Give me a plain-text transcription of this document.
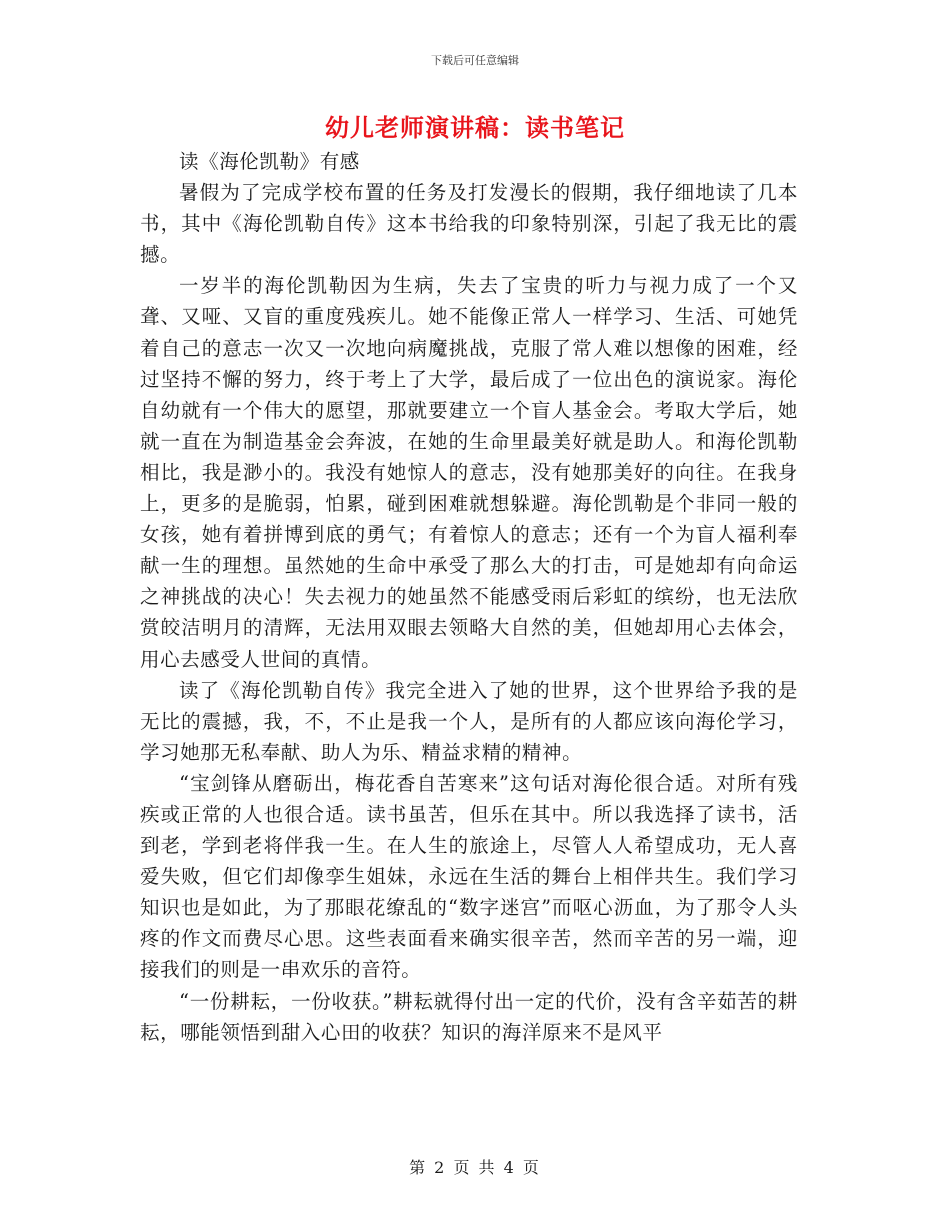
下载后可任意编辑
幼儿老师演讲稿：读书笔记

读《海伦凯勒》有感

暑假为了完成学校布置的任务及打发漫长的假期，我仔细地读了几本书，其中《海伦凯勒自传》这本书给我的印象特别深，引起了我无比的震撼。

一岁半的海伦凯勒因为生病，失去了宝贵的听力与视力成了一个又聋、又哑、又盲的重度残疾儿。她不能像正常人一样学习、生活、可她凭着自己的意志一次又一次地向病魔挑战，克服了常人难以想像的困难，经过坚持不懈的努力，终于考上了大学，最后成了一位出色的演说家。海伦自幼就有一个伟大的愿望，那就要建立一个盲人基金会。考取大学后，她就一直在为制造基金会奔波，在她的生命里最美好就是助人。和海伦凯勒相比，我是渺小的。我没有她惊人的意志，没有她那美好的向往。在我身上，更多的是脆弱，怕累，碰到困难就想躲避。海伦凯勒是个非同一般的女孩，她有着拼博到底的勇气；有着惊人的意志；还有一个为盲人福利奉献一生的理想。虽然她的生命中承受了那么大的打击，可是她却有向命运之神挑战的决心！失去视力的她虽然不能感受雨后彩虹的缤纷，也无法欣赏皎洁明月的清辉，无法用双眼去领略大自然的美，但她却用心去体会，用心去感受人世间的真情。

读了《海伦凯勒自传》我完全进入了她的世界，这个世界给予我的是无比的震撼，我，不，不止是我一个人，是所有的人都应该向海伦学习，学习她那无私奉献、助人为乐、精益求精的精神。

“宝剑锋从磨砺出，梅花香自苦寒来”这句话对海伦很合适。对所有残疾或正常的人也很合适。读书虽苦，但乐在其中。所以我选择了读书，活到老，学到老将伴我一生。在人生的旅途上，尽管人人希望成功，无人喜爱失败，但它们却像孪生姐妹，永远在生活的舞台上相伴共生。我们学习知识也是如此，为了那眼花缭乱的“数字迷宫”而呕心沥血，为了那令人头疼的作文而费尽心思。这些表面看来确实很辛苦，然而辛苦的另一端，迎接我们的则是一串欢乐的音符。

“一份耕耘，一份收获。”耕耘就得付出一定的代价，没有含辛茹苦的耕耘，哪能领悟到甜入心田的收获？知识的海洋原来不是风平

第 2 页 共 4 页
